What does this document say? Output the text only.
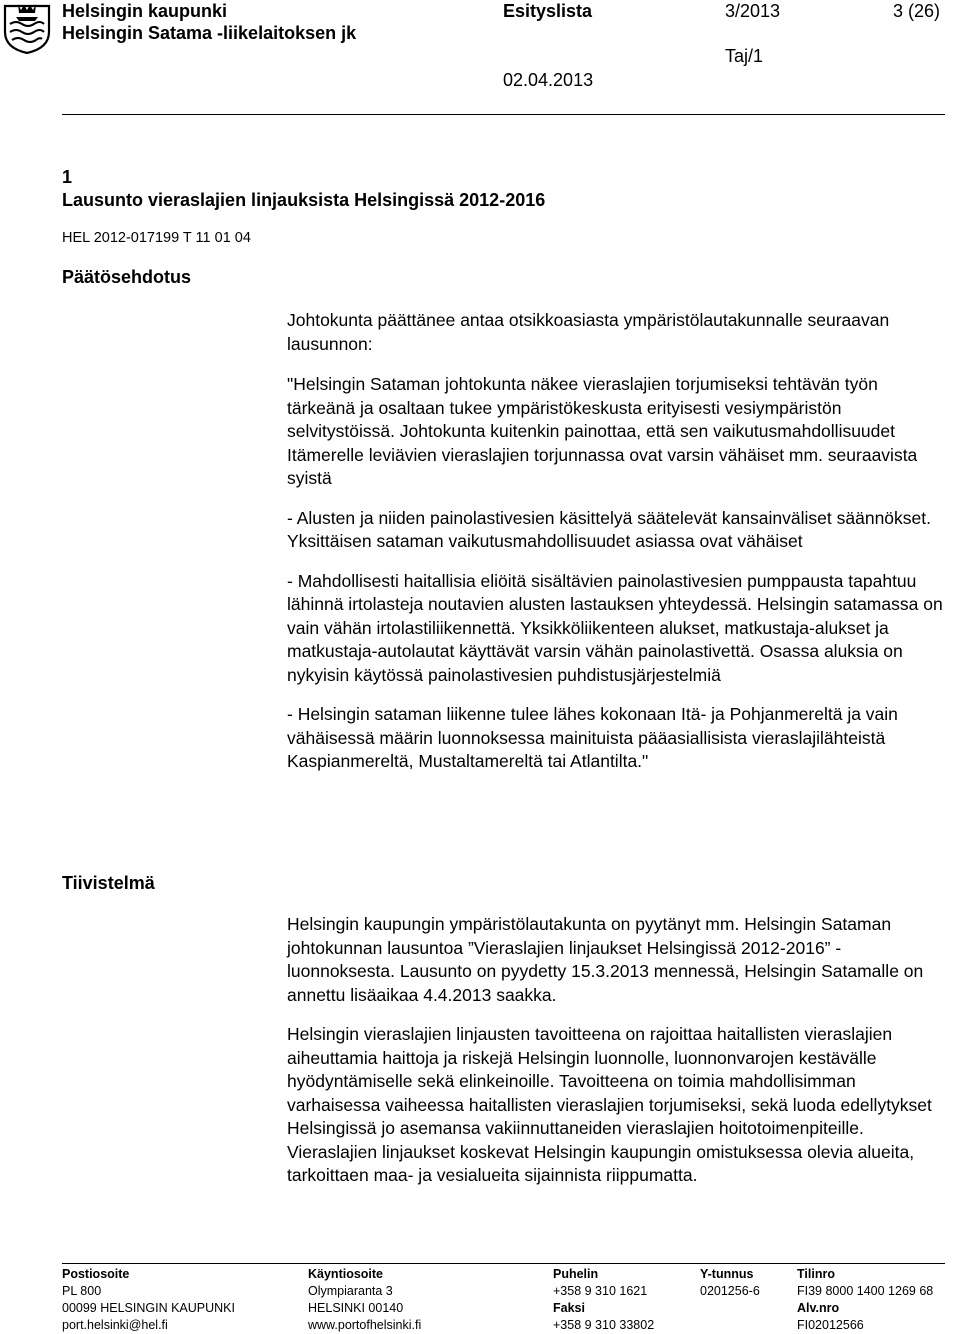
Helsingin kaupunki
Helsingin Satama -liikelaitoksen jk
Esityslista	3/2013	3 (26)
Taj/1
02.04.2013
1
Lausunto vieraslajien linjauksista Helsingissä 2012-2016
HEL 2012-017199 T 11 01 04
Päätösehdotus

Johtokunta päättänee antaa otsikkoasiasta ympäristölautakunnalle seuraavan lausunnon:

"Helsingin Sataman johtokunta näkee vieraslajien torjumiseksi tehtävän työn tärkeänä ja osaltaan tukee ympäristökeskusta erityisesti vesiympäristön selvitystöissä. Johtokunta kuitenkin painottaa, että sen vaikutusmahdollisuudet Itämerelle leviävien vieraslajien torjunnassa ovat varsin vähäiset mm. seuraavista syistä

- Alusten ja niiden painolastivesien käsittelyä säätelevät kansainväliset säännökset. Yksittäisen sataman vaikutusmahdollisuudet asiassa ovat vähäiset

- Mahdollisesti haitallisia eliöitä sisältävien painolastivesien pumppausta tapahtuu lähinnä irtolasteja noutavien alusten lastauksen yhteydessä. Helsingin satamassa on vain vähän irtolastiliikennettä. Yksikköliikenteen alukset, matkustaja-alukset ja matkustaja-autolautat käyttävät varsin vähän painolastivettä. Osassa aluksia on nykyisin käytössä painolastivesien puhdistusjärjestelmiä

- Helsingin sataman liikenne tulee lähes kokonaan Itä- ja Pohjanmereltä ja vain vähäisessä määrin luonnoksessa mainituista pääasiallisista vieraslajilähteistä Kaspianmereltä, Mustaltamereltä tai Atlantilta."

Tiivistelmä

Helsingin kaupungin ympäristölautakunta on pyytänyt mm. Helsingin Sataman johtokunnan lausuntoa ”Vieraslajien linjaukset Helsingissä 2012-2016” -luonnoksesta. Lausunto on pyydetty 15.3.2013 mennessä, Helsingin Satamalle on annettu lisäaikaa 4.4.2013 saakka.

Helsingin vieraslajien linjausten tavoitteena on rajoittaa haitallisten vieraslajien aiheuttamia haittoja ja riskejä Helsingin luonnolle, luonnonvarojen kestävälle hyödyntämiselle sekä elinkeinoille. Tavoitteena on toimia mahdollisimman varhaisessa vaiheessa haitallisten vieraslajien torjumiseksi, sekä luoda edellytykset Helsingissä jo asemansa vakiinnuttaneiden vieraslajien hoitotoimenpiteille. Vieraslajien linjaukset koskevat Helsingin kaupungin omistuksessa olevia alueita, tarkoittaen maa- ja vesialueita sijainnista riippumatta.

Postiosoite
PL 800
00099 HELSINGIN KAUPUNKI
port.helsinki@hel.fi
Käyntiosoite
Olympiaranta 3
HELSINKI 00140
www.portofhelsinki.fi
Puhelin
+358 9 310 1621
Faksi
+358 9 310 33802
Y-tunnus
0201256-6
Tilinro
FI39 8000 1400 1269 68
Alv.nro
FI02012566
